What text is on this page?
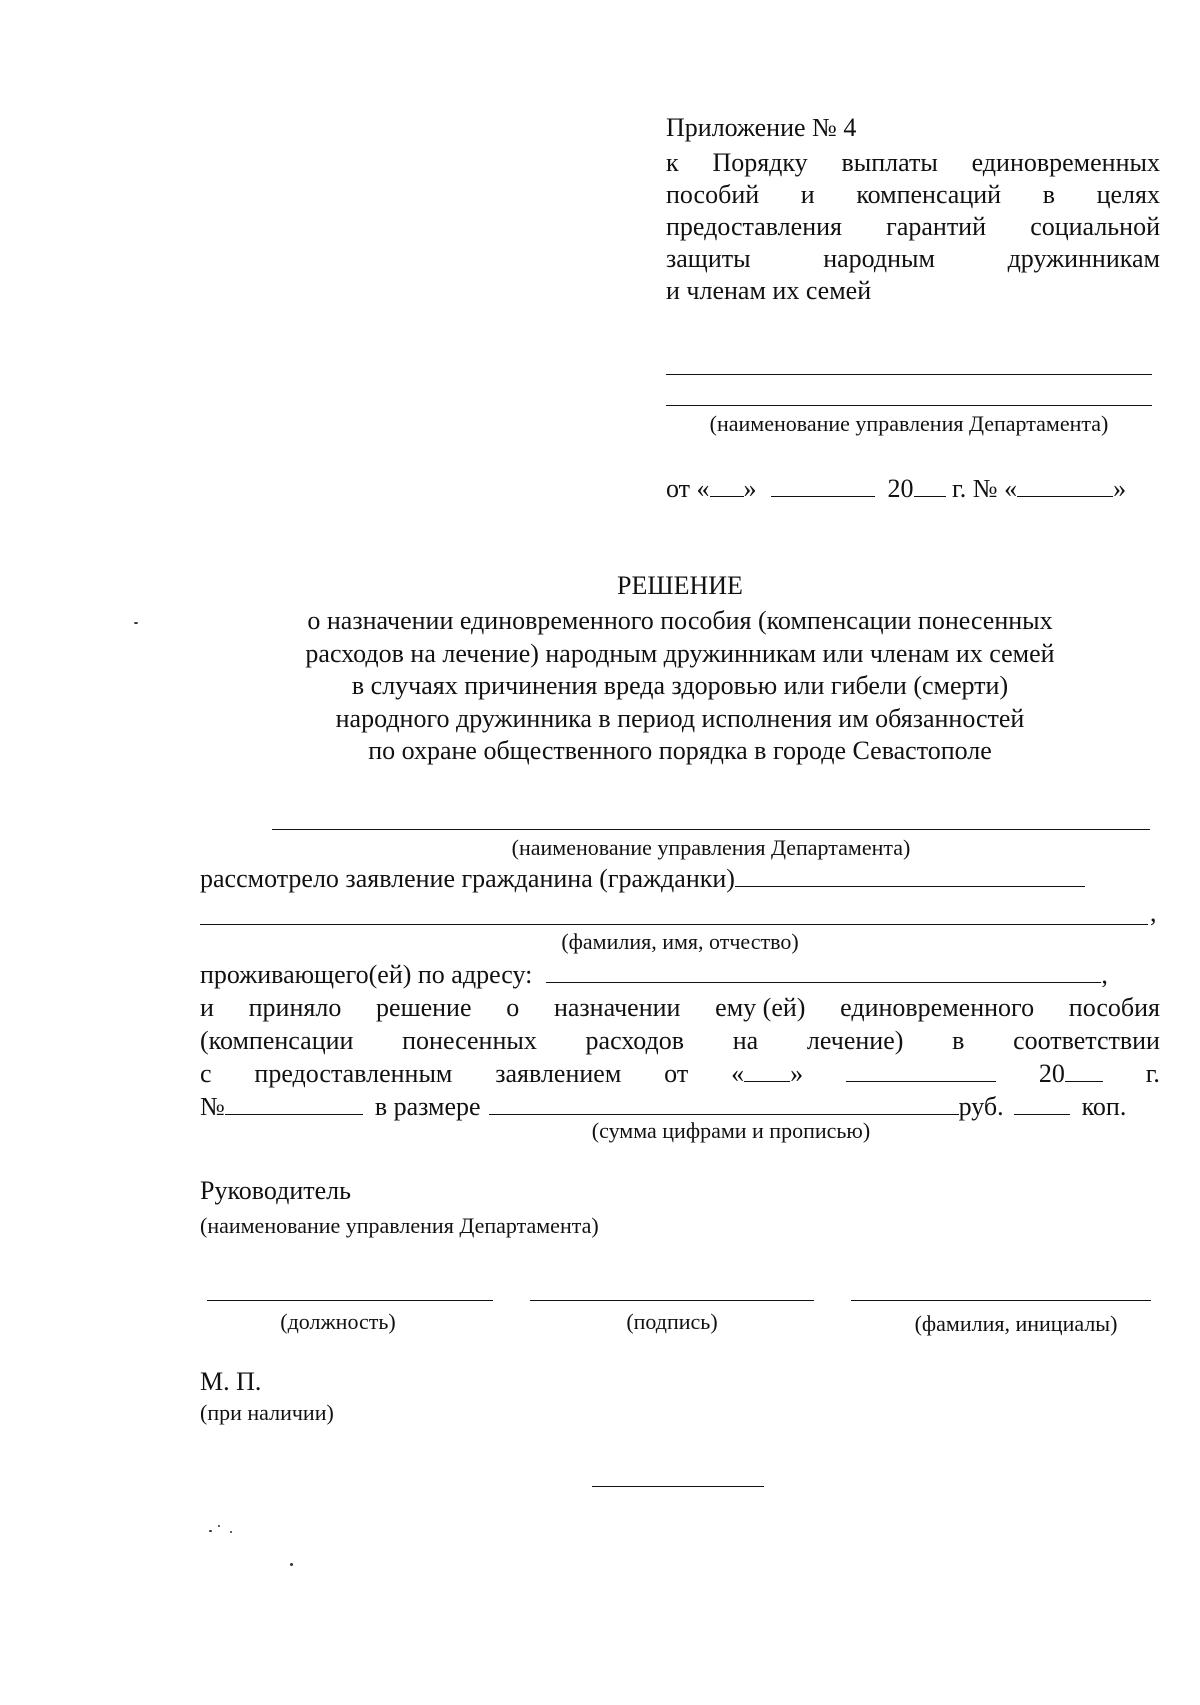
Приложение № 4
к Порядку выплаты единовременных
пособий и компенсаций в целях
предоставления гарантий социальной
защиты	народным	дружинникам
и членам их семей
(наименование управления Департамента)
от « »	20 г. № «	»
РЕШЕНИЕ
о назначении единовременного пособия (компенсации понесенных
расходов на лечение) народным дружинникам или членам их семей
в случаях причинения вреда здоровью или гибели (смерти)
народного дружинника в период исполнения им обязанностей
по охране общественного порядка в городе Севастополе
(наименование управления Департамента)
рассмотрело заявление гражданина (гражданки)
,
(фамилия, имя, отчество)
проживающего(ей) по адресу:	,
и приняло решение о назначении ему (ей) единовременного пособия
(компенсации понесенных расходов на лечение) в соответствии
с предоставленным заявлением от « »	20	г.
№	в размере	руб.	коп.
(сумма цифрами и прописью)
Руководитель
(наименование управления Департамента)
(должность)	(подпись)	(фамилия, инициалы)
М. П.
(при наличии)
